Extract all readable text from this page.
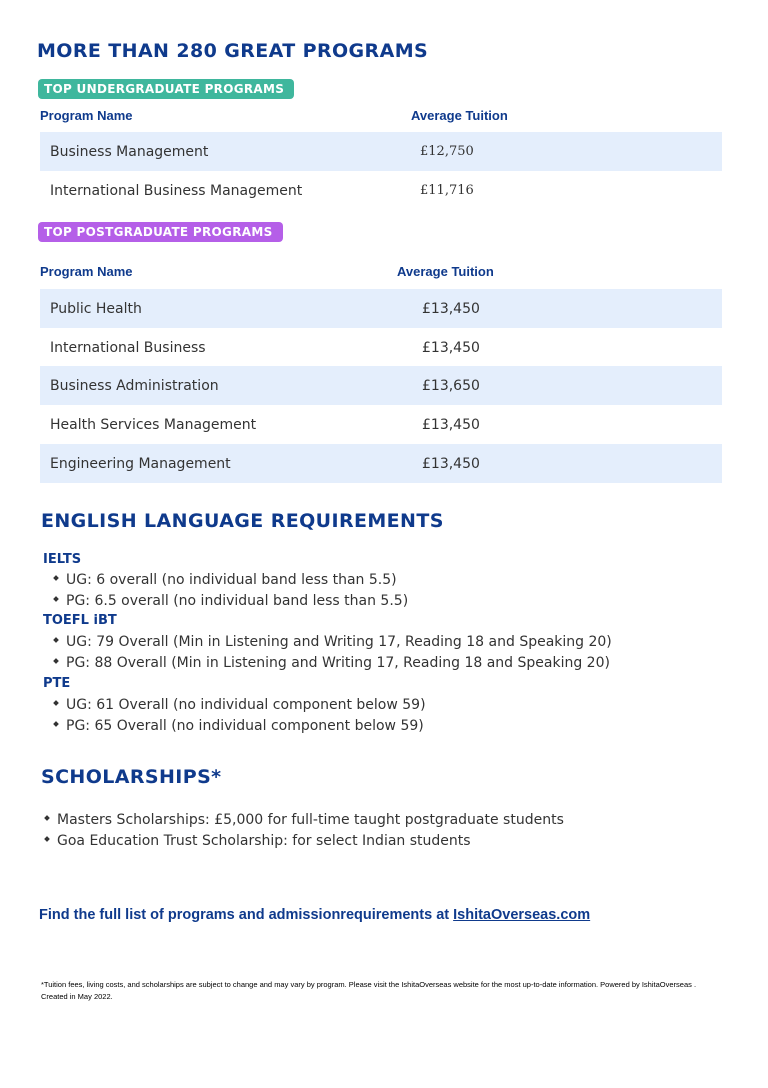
MORE THAN 280 GREAT PROGRAMS
TOP UNDERGRADUATE PROGRAMS
Program Name	Average Tuition
Business Management	£12,750
International Business Management	£11,716
TOP POSTGRADUATE PROGRAMS
Program Name	Average Tuition
Public Health	£13,450
International Business	£13,450
Business Administration	£13,650
Health Services Management	£13,450
Engineering Management	£13,450
ENGLISH LANGUAGE REQUIREMENTS
IELTS
UG: 6 overall (no individual band less than 5.5)
PG: 6.5 overall (no individual band less than 5.5)
TOEFL iBT
UG: 79 Overall (Min in Listening and Writing 17, Reading 18 and Speaking 20)
PG: 88 Overall (Min in Listening and Writing 17, Reading 18 and Speaking 20)
PTE
UG: 61 Overall (no individual component below 59)
PG: 65 Overall (no individual component below 59)
SCHOLARSHIPS*
Masters Scholarships: £5,000 for full-time taught postgraduate students
Goa Education Trust Scholarship: for select Indian students
Find the full list of programs and admissionrequirements at IshitaOverseas.com
*Tuition fees, living costs, and scholarships are subject to change and may vary by program. Please visit the IshitaOverseas website for the most up-to-date information. Powered by IshitaOverseas .
Created in May 2022.
